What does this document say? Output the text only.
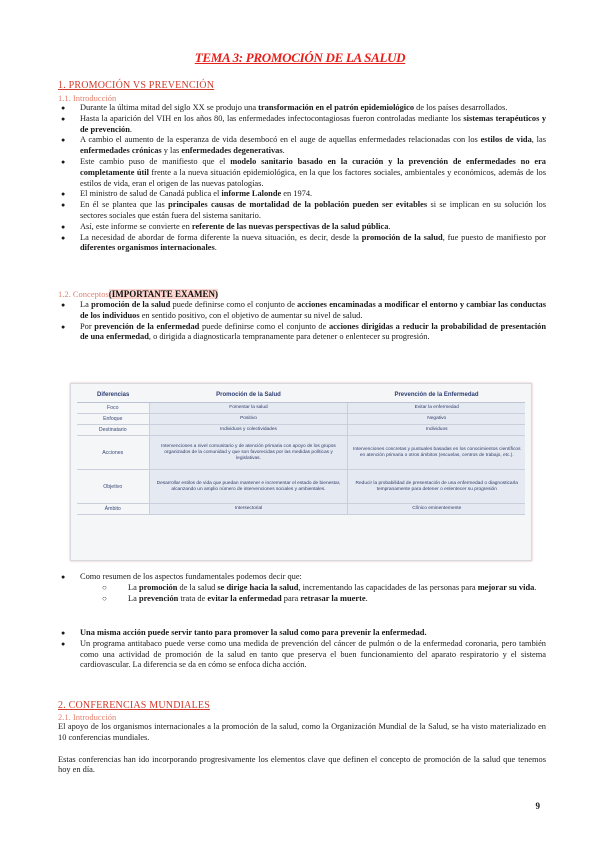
TEMA 3: PROMOCIÓN DE LA SALUD
1. PROMOCIÓN VS PREVENCIÓN
1.1. Introducción
● Durante la última mitad del siglo XX se produjo una transformación en el patrón epidemiológico de los países desarrollados.
● Hasta la aparición del VIH en los años 80, las enfermedades infectocontagiosas fueron controladas mediante los sistemas terapéuticos y de prevención.
● A cambio el aumento de la esperanza de vida desembocó en el auge de aquellas enfermedades relacionadas con los estilos de vida, las enfermedades crónicas y las enfermedades degenerativas.
● Este cambio puso de manifiesto que el modelo sanitario basado en la curación y la prevención de enfermedades no era completamente útil frente a la nueva situación epidemiológica, en la que los factores sociales, ambientales y económicos, además de los estilos de vida, eran el origen de las nuevas patologías.
● El ministro de salud de Canadá publica el informe Lalonde en 1974.
● En él se plantea que las principales causas de mortalidad de la población pueden ser evitables si se implican en su solución los sectores sociales que están fuera del sistema sanitario.
● Así, este informe se convierte en referente de las nuevas perspectivas de la salud pública.
● La necesidad de abordar de forma diferente la nueva situación, es decir, desde la promoción de la salud, fue puesto de manifiesto por diferentes organismos internacionales.
1.2. Conceptos(IMPORTANTE EXAMEN)
● La promoción de la salud puede definirse como el conjunto de acciones encaminadas a modificar el entorno y cambiar las conductas de los individuos en sentido positivo, con el objetivo de aumentar su nivel de salud.
● Por prevención de la enfermedad puede definirse como el conjunto de acciones dirigidas a reducir la probabilidad de presentación de una enfermedad, o dirigida a diagnosticarla tempranamente para detener o enlentecer su progresión.
Diferencias	Promoción de la Salud	Prevención de la Enfermedad
Foco	Fomentar la salud	Evitar la enfermedad
Enfoque	Positivo	Negativo
Destinatario	Individuos y colectividades	Individuos
Acciones	Intervenciones a nivel comunitario y de atención primaria con apoyo de los grupos organizados de la comunidad y que son favorecidas por las medidas políticas y legislativas.	Intervenciones concretas y puntuales basadas en los conocimientos científicos en atención primaria o otros ámbitos (escuelas, centros de trabajo, etc.).
Objetivo	Desarrollar estilos de vida que puedan mantener e incrementar el estado de bienestar, alcanzando un amplio número de intervenciones sociales y ambientales.	Reducir la probabilidad de presentación de una enfermedad o diagnosticarla tempranamente para detener o enlentecer su progresión
Ámbito	Intersectorial	Clínico eminentemente
● Como resumen de los aspectos fundamentales podemos decir que:
○ La promoción de la salud se dirige hacia la salud, incrementando las capacidades de las personas para mejorar su vida.
○ La prevención trata de evitar la enfermedad para retrasar la muerte.
● Una misma acción puede servir tanto para promover la salud como para prevenir la enfermedad.
● Un programa antitabaco puede verse como una medida de prevención del cáncer de pulmón o de la enfermedad coronaria, pero también como una actividad de promoción de la salud en tanto que preserva el buen funcionamiento del aparato respiratorio y el sistema cardiovascular. La diferencia se da en cómo se enfoca dicha acción.
2. CONFERENCIAS MUNDIALES
2.1. Introducción

El apoyo de los organismos internacionales a la promoción de la salud, como la Organización Mundial de la Salud, se ha visto materializado en 10 conferencias mundiales.

Estas conferencias han ido incorporando progresivamente los elementos clave que definen el concepto de promoción de la salud que tenemos hoy en día.

9
